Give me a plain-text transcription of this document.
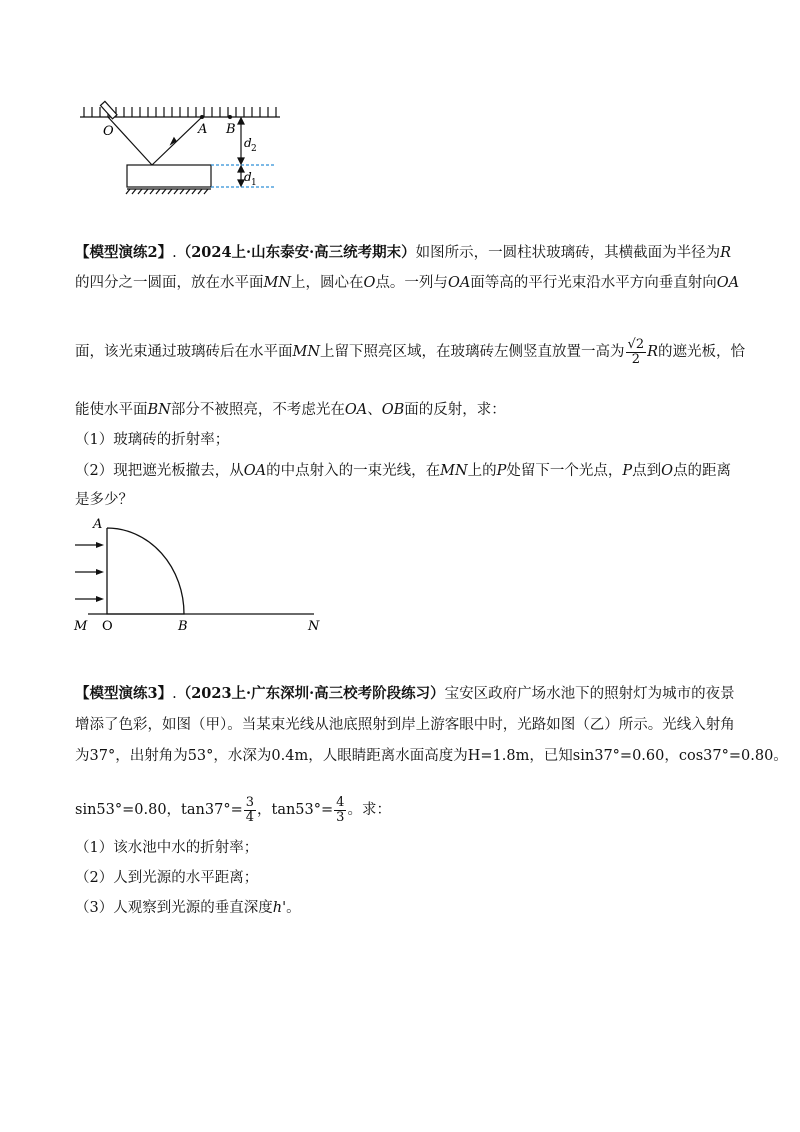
O	A B
d 2
d 1
【模型演练2】.（2024上·山东泰安·高三统考期末）如图所示，一圆柱状玻璃砖，其横截面为半径为R
的四分之一圆面，放在水平面MN上，圆心在O点。一列与OA面等高的平行光束沿水平方向垂直射向OA
面，该光束通过玻璃砖后在水平面MN上留下照亮区域，在玻璃砖左侧竖直放置一高为 $\frac{√2}{2}$ R的遮光板，恰
能使水平面BN部分不被照亮，不考虑光在OA、OB面的反射，求：
（1）玻璃砖的折射率；
（2）现把遮光板撤去，从OA的中点射入的一束光线，在MN上的P处留下一个光点，P点到O点的距离
是多少？
A
M O	B	N
【模型演练3】.（2023上·广东深圳·高三校考阶段练习）宝安区政府广场水池下的照射灯为城市的夜景
增添了色彩，如图（甲）。当某束光线从池底照射到岸上游客眼中时，光路如图（乙）所示。光线入射角
为37°，出射角为53°，水深为0.4m，人眼睛距离水面高度为H=1.8m，已知sin37°=0.60，cos37°=0.80。
sin53°=0.80，$\tan 37^\circ= \frac{3}{4}$ ，$\tan 53^\circ= \frac{4}{3}$ 。求：
（1）该水池中水的折射率；
（2）人到光源的水平距离；
（3）人观察到光源的垂直深度h'。
